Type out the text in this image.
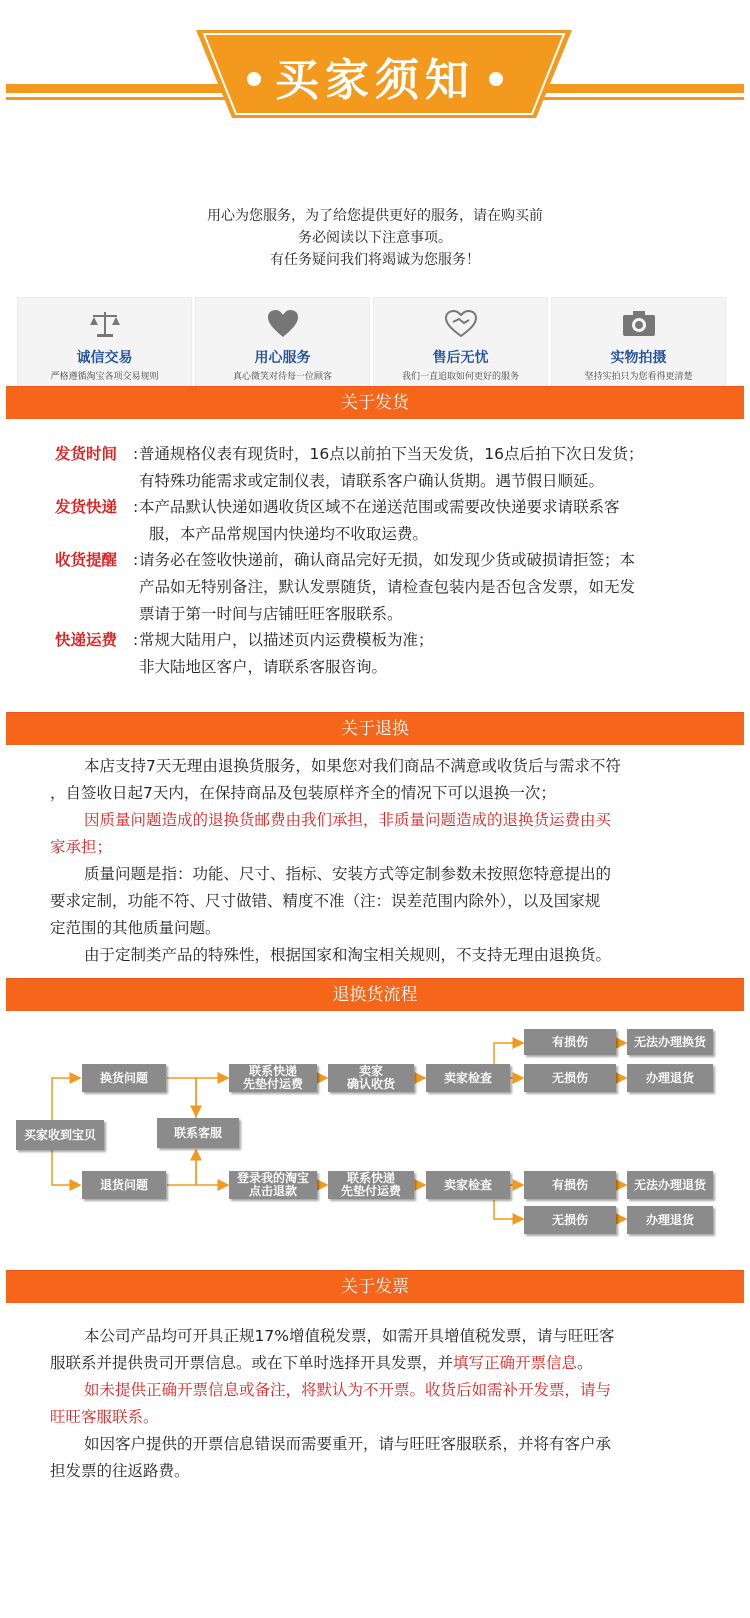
买家须知
用心为您服务，为了给您提供更好的服务，请在购买前
务必阅读以下注意事项。
有任务疑问我们将竭诚为您服务！
诚信交易
严格遵循淘宝各项交易规则
用心服务
真心微笑对待每一位顾客
售后无忧
我们一直追取如何更好的服务
实物拍摄
坚持实拍只为您看得更清楚
关于发货
发货时间	: 普通规格仪表有现货时，16点以前拍下当天发货，16点后拍下次日发货；
有特殊功能需求或定制仪表，请联系客户确认货期。遇节假日顺延。
发货快递	: 本产品默认快递如遇收货区域不在递送范围或需要改快递要求请联系客
服，本产品常规国内快递均不收取运费。
收货提醒	: 请务必在签收快递前，确认商品完好无损，如发现少货或破损请拒签；本
产品如无特别备注，默认发票随货，请检查包装内是否包含发票，如无发
票请于第一时间与店铺旺旺客服联系。
快递运费	: 常规大陆用户，以描述页内运费模板为准；
非大陆地区客户，请联系客服咨询。
关于退换
本店支持7天无理由退换货服务，如果您对我们商品不满意或收货后与需求不符
，自签收日起7天内，在保持商品及包装原样齐全的情况下可以退换一次；
因质量问题造成的退换货邮费由我们承担，非质量问题造成的退换货运费由买
家承担；
质量问题是指：功能、尺寸、指标、安装方式等定制参数未按照您特意提出的
要求定制，功能不符、尺寸做错、精度不准（注：误差范围内除外），以及国家规
定范围的其他质量问题。
由于定制类产品的特殊性，根据国家和淘宝相关规则，不支持无理由退换货。
退换货流程
买家收到宝贝
换货问题
退货问题
联系客服
联系快递
先垫付运费
卖家
确认收货	卖家检查
有损伤
无损伤
无法办理换货
办理退货
登录我的淘宝
点击退款
联系快递
先垫付运费	卖家检查	有损伤
无损伤
无法办理退货
办理退货
关于发票
本公司产品均可开具正规17%增值税发票，如需开具增值税发票，请与旺旺客
服联系并提供贵司开票信息。或在下单时选择开具发票，并填写正确开票信息。
如未提供正确开票信息或备注，将默认为不开票。收货后如需补开发票，请与
旺旺客服联系。
如因客户提供的开票信息错误而需要重开，请与旺旺客服联系，并将有客户承
担发票的往返路费。
